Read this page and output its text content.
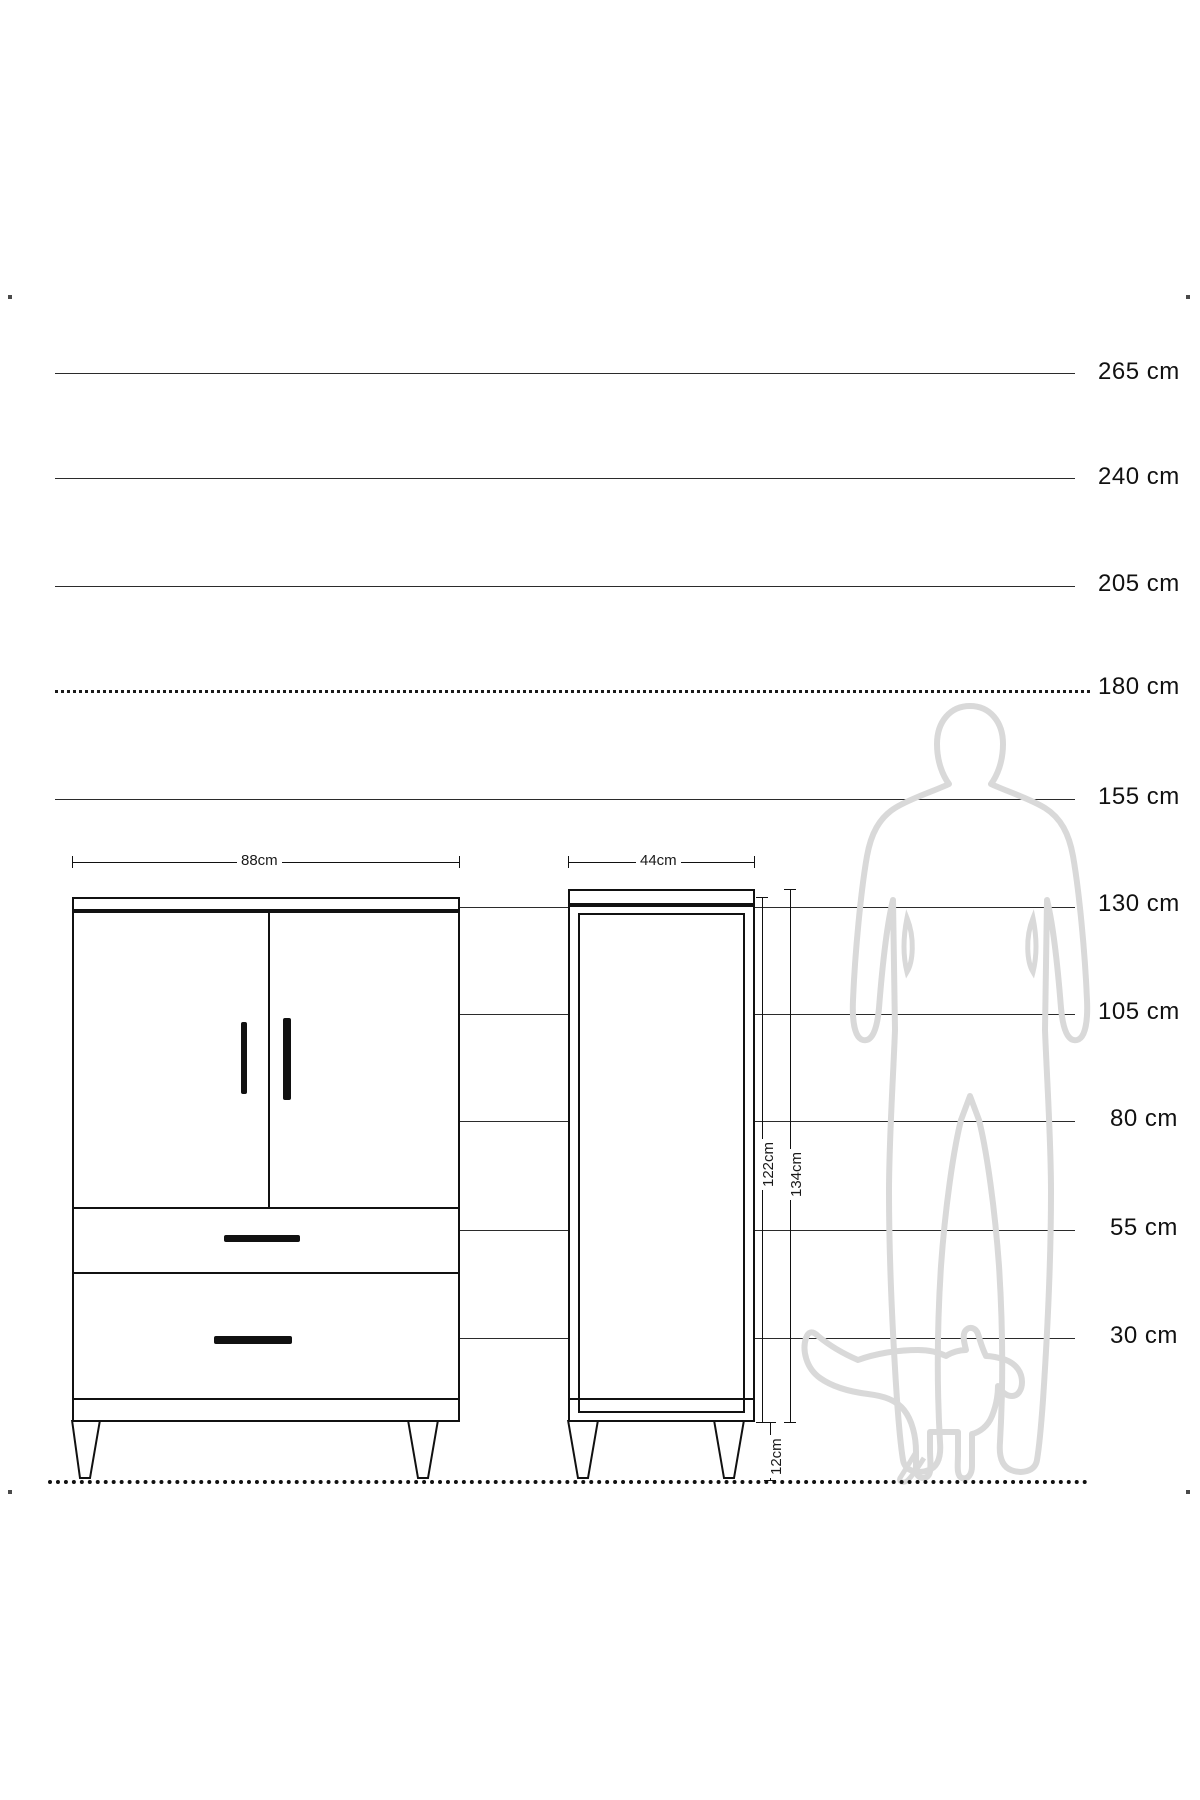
265 cm
240 cm
205 cm
180 cm
155 cm
130 cm
105 cm
80 cm
55 cm
30 cm
88cm	44cm
122cm 134cm
12cm
